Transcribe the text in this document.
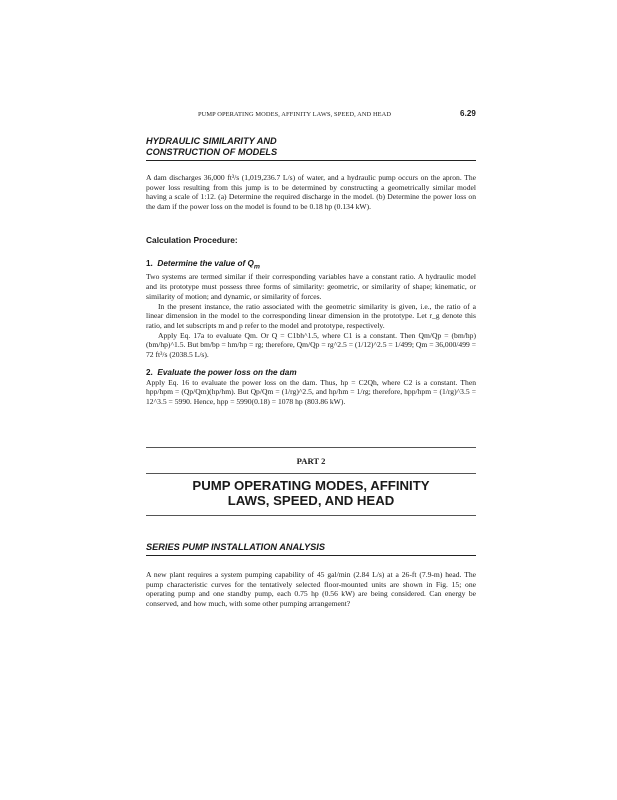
PUMP OPERATING MODES, AFFINITY LAWS, SPEED, AND HEAD	6.29
HYDRAULIC SIMILARITY AND
CONSTRUCTION OF MODELS

A dam discharges 36,000 ft³/s (1,019,236.7 L/s) of water, and a hydraulic pump occurs on the apron. The power loss resulting from this jump is to be determined by constructing a geometrically similar model having a scale of 1:12. (a) Determine the required discharge in the model. (b) Determine the power loss on the dam if the power loss on the model is found to be 0.18 hp (0.134 kW).

Calculation Procedure:

1. Determine the value of $Q_m$

Two systems are termed similar if their corresponding variables have a constant ratio. A hydraulic model and its prototype must possess three forms of similarity: geometric, or similarity of shape; kinematic, or similarity of motion; and dynamic, or similarity of forces.

In the present instance, the ratio associated with the geometric similarity is given, i.e., the ratio of a linear dimension in the model to the corresponding linear dimension in the prototype. Let r_g denote this ratio, and let subscripts m and p refer to the model and prototype, respectively.

Apply Eq. 17a to evaluate Qm. Or Q = C1bh^1.5, where C1 is a constant. Then Qm/Qp = (bm/hp)(bm/hp)^1.5. But bm/bp = hm/hp = rg; therefore, Qm/Qp = rg^2.5 = (1/12)^2.5 = 1/499; Qm = 36,000/499 = 72 ft³/s (2038.5 L/s).

2. Evaluate the power loss on the dam

Apply Eq. 16 to evaluate the power loss on the dam. Thus, hp = C2Qh, where C2 is a constant. Then hpp/hpm = (Qp/Qm)(hp/hm). But Qp/Qm = (1/rg)^2.5, and hp/hm = 1/rg; therefore, hpp/hpm = (1/rg)^3.5 = 12^3.5 = 5990. Hence, hpp = 5990(0.18) = 1078 hp (803.86 kW).

PART 2

PUMP OPERATING MODES, AFFINITY
LAWS, SPEED, AND HEAD
SERIES PUMP INSTALLATION ANALYSIS

A new plant requires a system pumping capability of 45 gal/min (2.84 L/s) at a 26-ft (7.9-m) head. The pump characteristic curves for the tentatively selected floor-mounted units are shown in Fig. 15; one operating pump and one standby pump, each 0.75 hp (0.56 kW) are being considered. Can energy be conserved, and how much, with some other pumping arrangement?
